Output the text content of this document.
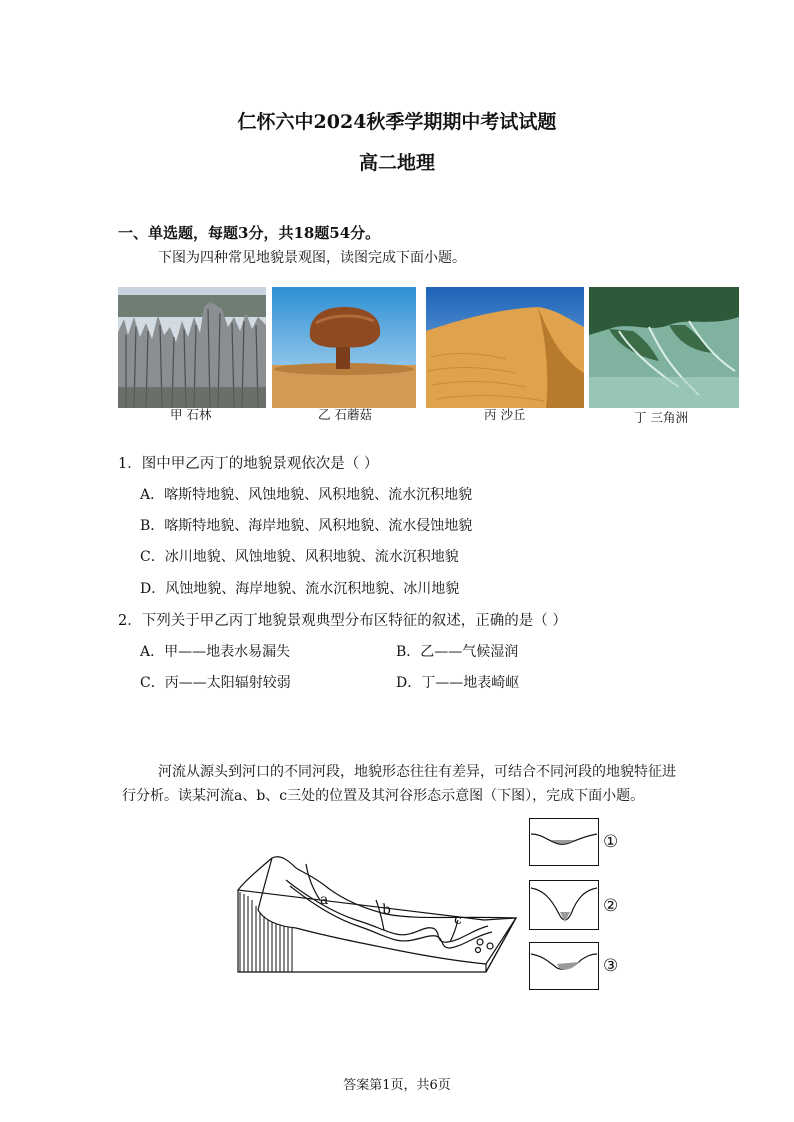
仁怀六中2024秋季学期期中考试试题
高二地理
一、单选题，每题3分，共18题54分。
下图为四种常见地貌景观图，读图完成下面小题。
甲 石林	乙 石蘑菇	丙 沙丘	丁 三角洲
1．图中甲乙丙丁的地貌景观依次是（ ）
A．喀斯特地貌、风蚀地貌、风积地貌、流水沉积地貌
B．喀斯特地貌、海岸地貌、风积地貌、流水侵蚀地貌
C．冰川地貌、风蚀地貌、风积地貌、流水沉积地貌
D．风蚀地貌、海岸地貌、流水沉积地貌、冰川地貌
2．下列关于甲乙丙丁地貌景观典型分布区特征的叙述，正确的是（ ）
A．甲——地表水易漏失	B．乙——气候湿润
C．丙——太阳辐射较弱	D．丁——地表崎岖
河流从源头到河口的不同河段，地貌形态往往有差异，可结合不同河段的地貌特征进行分析。读某河流a、b、c三处的位置及其河谷形态示意图（下图），完成下面小题。
a
b
c
①
②
③
答案第1页，共6页
